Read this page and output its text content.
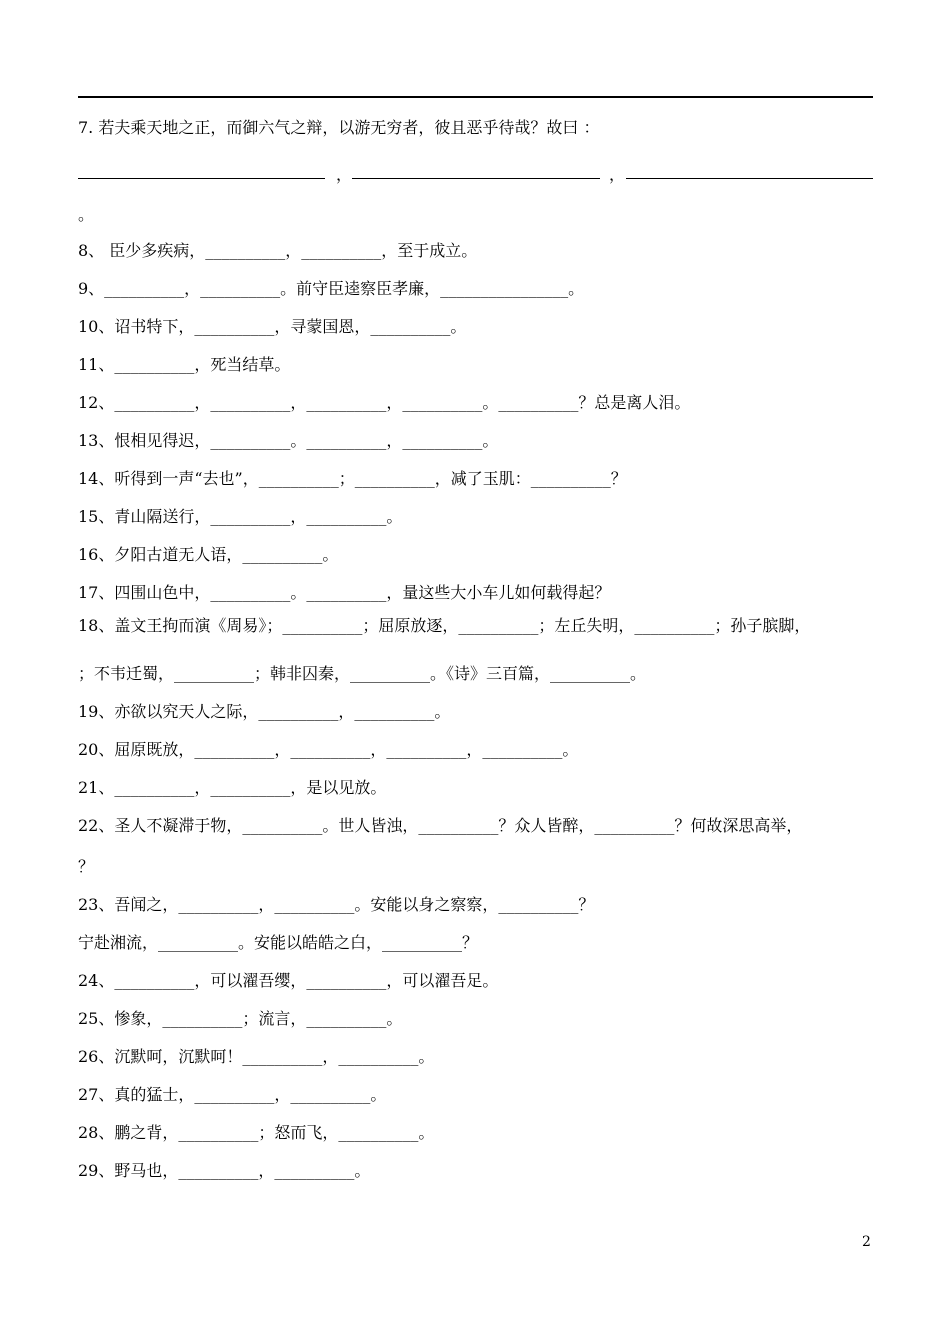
7. 若夫乘天地之正，而御六气之辩，以游无穷者，彼且恶乎待哉？故曰 ：
，	，
。
8、 臣少多疾病，__________，__________，至于成立。
9、__________，__________。前守臣逵察臣孝廉，________________。
10、诏书特下，__________，寻蒙国恩，__________。
11、__________，死当结草。
12、__________，__________，__________，__________。__________？总是离人泪。
13、恨相见得迟，__________。__________，__________。
14、听得到一声“去也”，__________；__________，减了玉肌：__________？
15、青山隔送行，__________，__________。
16、夕阳古道无人语，__________。
17、四围山色中，__________。__________，量这些大小车儿如何载得起？
18、盖文王拘而演《周易》；__________；屈原放逐，__________；左丘失明，__________；孙子膑脚，
；不韦迁蜀，__________；韩非囚秦，__________。《诗》三百篇，__________。
19、亦欲以究天人之际，__________，__________。
20、屈原既放，__________，__________，__________，__________。
21、__________，__________，是以见放。
22、圣人不凝滞于物，__________。世人皆浊，__________？众人皆醉，__________？何故深思高举，
？
23、吾闻之，__________，__________。安能以身之察察，__________？
宁赴湘流，__________。安能以皓皓之白，__________？
24、__________，可以濯吾缨，__________，可以濯吾足。
25、惨象，__________；流言，__________。
26、沉默呵，沉默呵！__________，__________。
27、真的猛士，__________，__________。
28、鹏之背，__________；怒而飞，__________。
29、野马也，__________，__________。
2
